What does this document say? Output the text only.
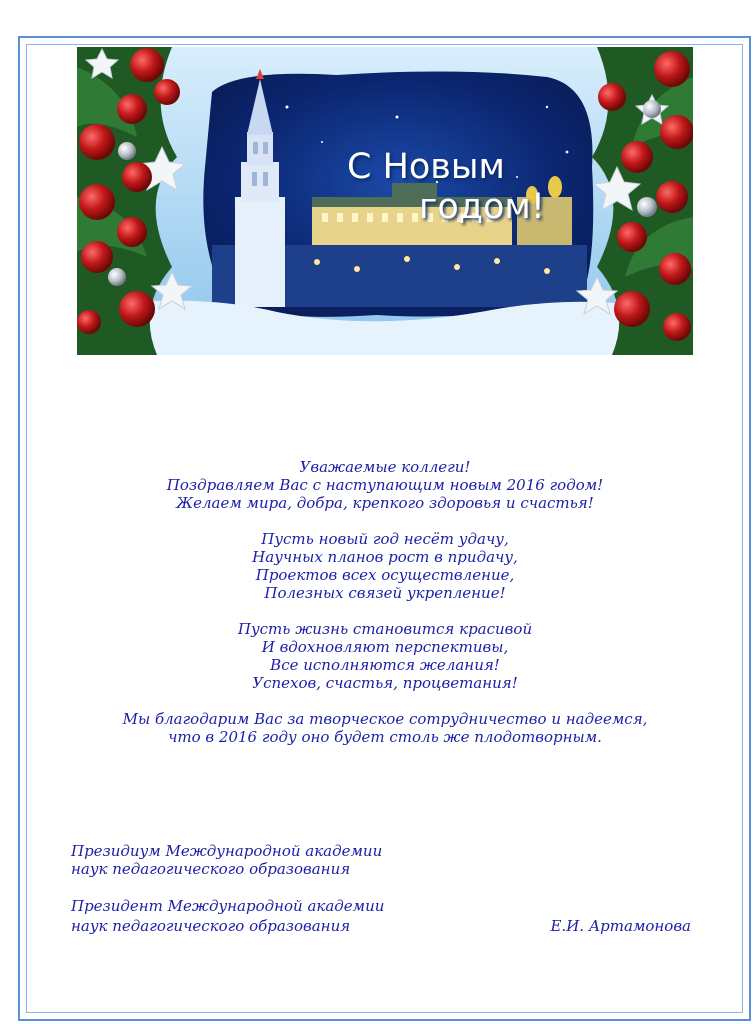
С Новым
годом!

Уважаемые коллеги!
Поздравляем Вас с наступающим новым 2016 годом!
Желаем мира, добра, крепкого здоровья и счастья!

Пусть новый год несёт удачу,
Научных планов рост в придачу,
Проектов всех осуществление,
Полезных связей укрепление!

Пусть жизнь становится красивой
И вдохновляют перспективы,
Все исполняются желания!
Успехов, счастья, процветания!

Мы благодарим Вас за творческое сотрудничество и надеемся,
что в 2016 году оно будет столь же плодотворным.

Президиум Международной академии
наук педагогического образования
Президент Международной академии
наук педагогического образования	Е.И. Артамонова
